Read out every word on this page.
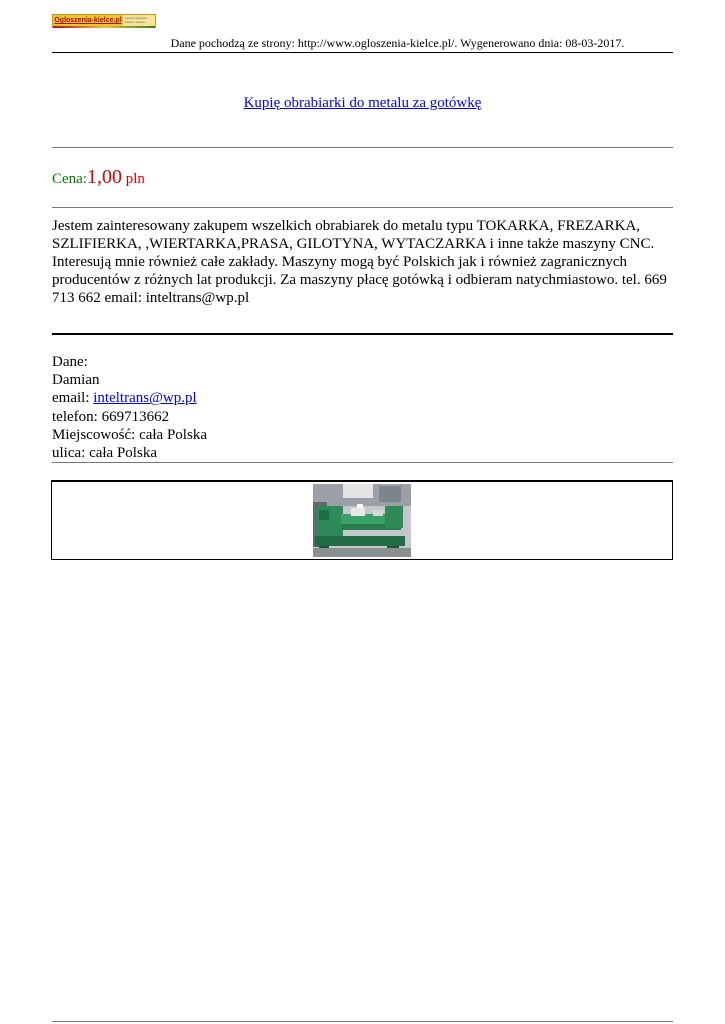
Ogloszenia-kielce.pl	Serwis ogłoszeń Kielce i okolice
Dane pochodzą ze strony: http://www.ogloszenia-kielce.pl/. Wygenerowano dnia: 08-03-2017.
Kupię obrabiarki do metalu za gotówkę
Cena:1,00 pln
Jestem zainteresowany zakupem wszelkich obrabiarek do metalu typu TOKARKA, FREZARKA, SZLIFIERKA, ,WIERTARKA,PRASA, GILOTYNA, WYTACZARKA i inne także maszyny CNC. Interesują mnie również całe zakłady. Maszyny mogą być Polskich jak i również zagranicznych producentów z różnych lat produkcji. Za maszyny płacę gotówką i odbieram natychmiastowo. tel. 669 713 662 email: inteltrans@wp.pl
Dane:
Damian
email: inteltrans@wp.pl
telefon: 669713662
Miejscowość: cała Polska
ulica: cała Polska
